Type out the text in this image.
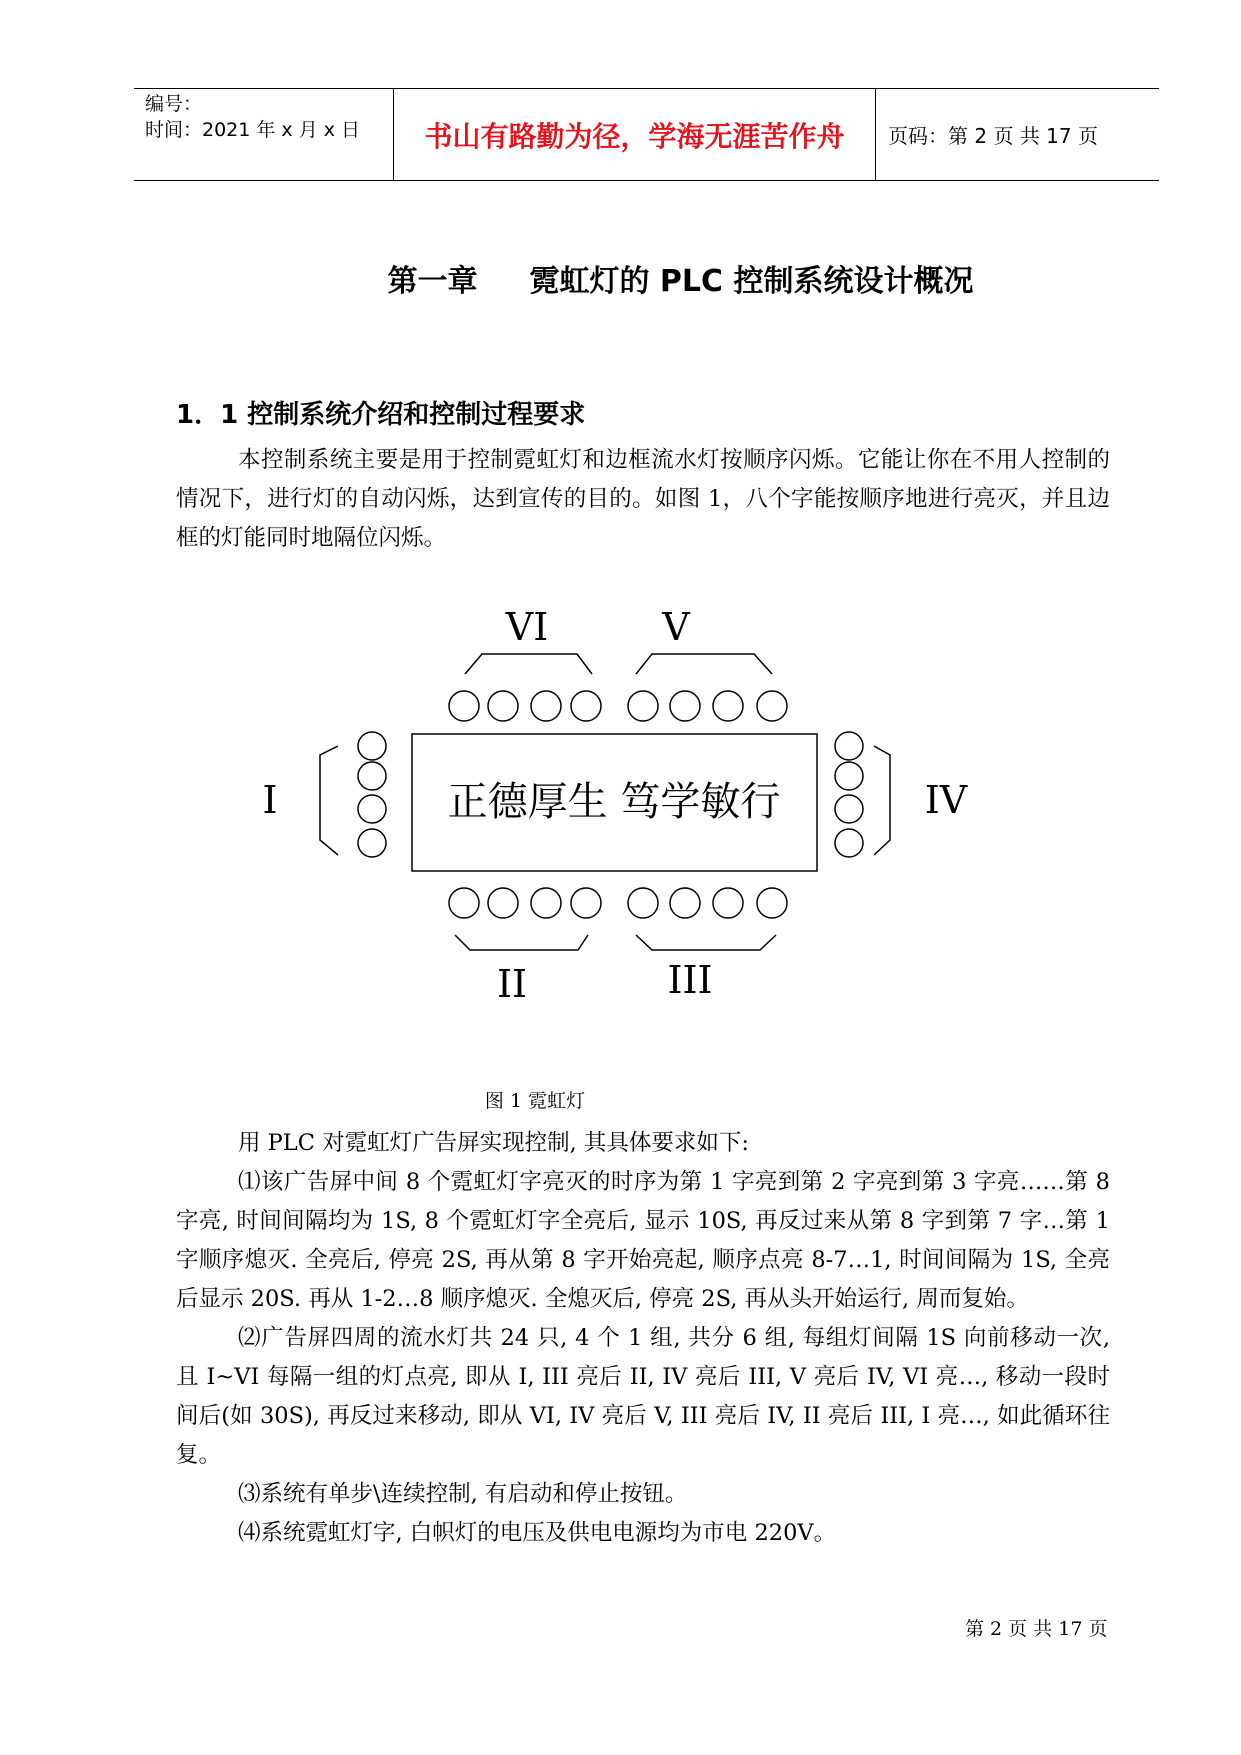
编号：
时间：2021 年 x 月 x 日	书山有路勤为径，学海无涯苦作舟	页码：第 2 页 共 17 页
第一章 霓虹灯的 PLC 控制系统设计概况
1．1 控制系统介绍和控制过程要求
本控制系统主要是用于控制霓虹灯和边框流水灯按顺序闪烁。它能让你在不用人控制的情况下，进行灯的自动闪烁，达到宣传的目的。如图 1，八个字能按顺序地进行亮灭，并且边框的灯能同时地隔位闪烁。
正德厚生 笃学敏行
VI	V
I	IV
II	III
图 1 霓虹灯
用 PLC 对霓虹灯广告屏实现控制, 其具体要求如下:
⑴该广告屏中间 8 个霓虹灯字亮灭的时序为第 1 字亮到第 2 字亮到第 3 字亮……第 8 字亮, 时间间隔均为 1S, 8 个霓虹灯字全亮后, 显示 10S, 再反过来从第 8 字到第 7 字…第 1 字顺序熄灭. 全亮后, 停亮 2S, 再从第 8 字开始亮起, 顺序点亮 8-7…1, 时间间隔为 1S, 全亮后显示 20S. 再从 1-2…8 顺序熄灭. 全熄灭后, 停亮 2S, 再从头开始运行, 周而复始。
⑵广告屏四周的流水灯共 24 只, 4 个 1 组, 共分 6 组, 每组灯间隔 1S 向前移动一次, 且 I~VI 每隔一组的灯点亮, 即从 I, III 亮后 II, IV 亮后 III, V 亮后 IV, VI 亮…, 移动一段时间后(如 30S), 再反过来移动, 即从 VI, IV 亮后 V, III 亮后 IV, II 亮后 III, I 亮…, 如此循环往复。
⑶系统有单步\连续控制, 有启动和停止按钮。
⑷系统霓虹灯字, 白帜灯的电压及供电电源均为市电 220V。
第 2 页 共 17 页
